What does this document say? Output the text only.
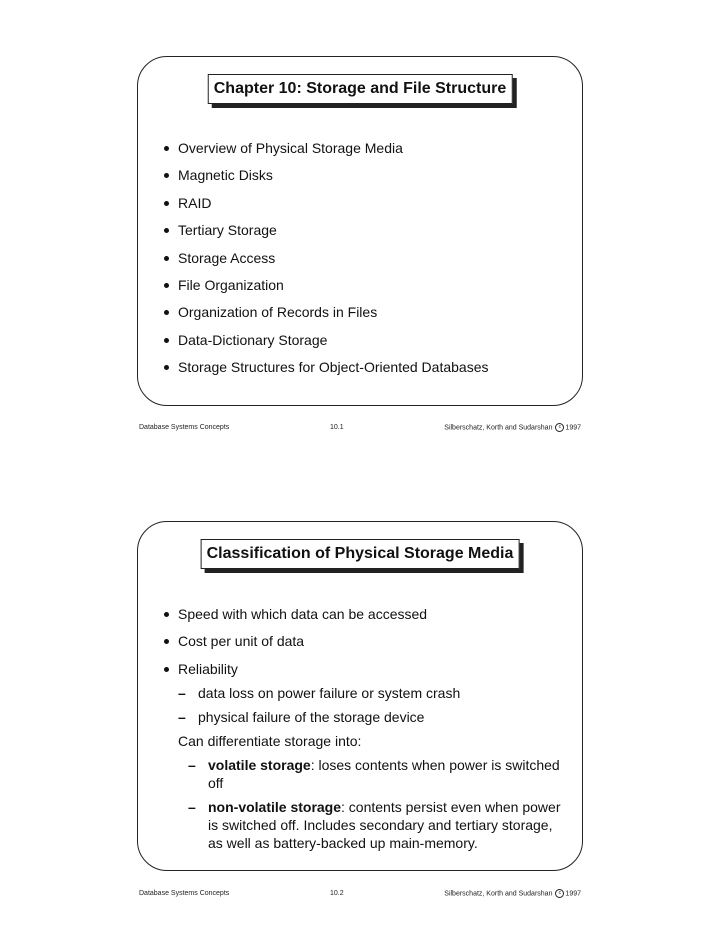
Chapter 10: Storage and File Structure
Overview of Physical Storage Media
Magnetic Disks
RAID
Tertiary Storage
Storage Access
File Organization
Organization of Records in Files
Data-Dictionary Storage
Storage Structures for Object-Oriented Databases
Database Systems Concepts	10.1	Silberschatz, Korth and Sudarshan c 1997
Classification of Physical Storage Media
Speed with which data can be accessed
Cost per unit of data
Reliability
– data loss on power failure or system crash
– physical failure of the storage device
Can differentiate storage into:
– volatile storage: loses contents when power is switched off
– non-volatile storage: contents persist even when power is switched off. Includes secondary and tertiary storage, as well as battery-backed up main-memory.
Database Systems Concepts	10.2	Silberschatz, Korth and Sudarshan c 1997
